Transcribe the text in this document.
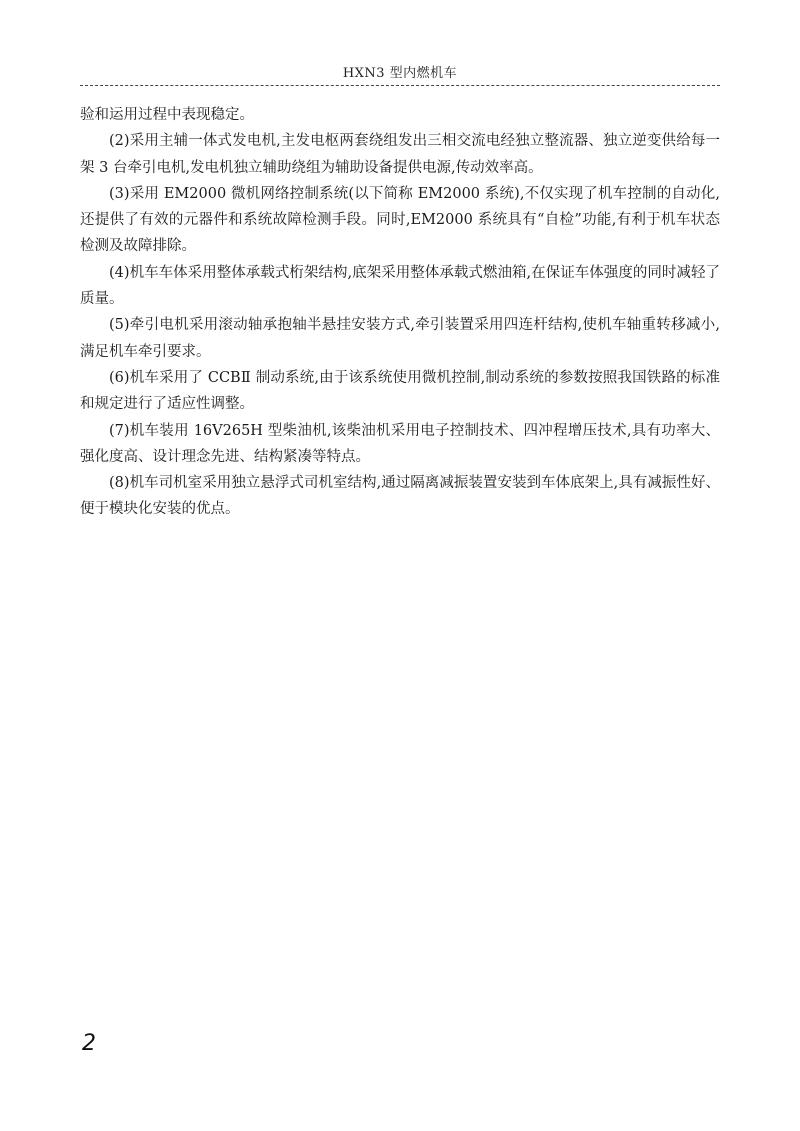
HXN3 型内燃机车

验和运用过程中表现稳定。

(2)采用主辅一体式发电机,主发电枢两套绕组发出三相交流电经独立整流器、独立逆变供给每一架 3 台牵引电机,发电机独立辅助绕组为辅助设备提供电源,传动效率高。

(3)采用 EM2000 微机网络控制系统(以下简称 EM2000 系统),不仅实现了机车控制的自动化,还提供了有效的元器件和系统故障检测手段。同时,EM2000 系统具有“自检”功能,有利于机车状态检测及故障排除。

(4)机车车体采用整体承载式桁架结构,底架采用整体承载式燃油箱,在保证车体强度的同时减轻了质量。

(5)牵引电机采用滚动轴承抱轴半悬挂安装方式,牵引装置采用四连杆结构,使机车轴重转移减小,满足机车牵引要求。

(6)机车采用了 CCBⅡ 制动系统,由于该系统使用微机控制,制动系统的参数按照我国铁路的标准和规定进行了适应性调整。

(7)机车装用 16V265H 型柴油机,该柴油机采用电子控制技术、四冲程增压技术,具有功率大、强化度高、设计理念先进、结构紧凑等特点。

(8)机车司机室采用独立悬浮式司机室结构,通过隔离减振装置安装到车体底架上,具有减振性好、便于模块化安装的优点。

2
